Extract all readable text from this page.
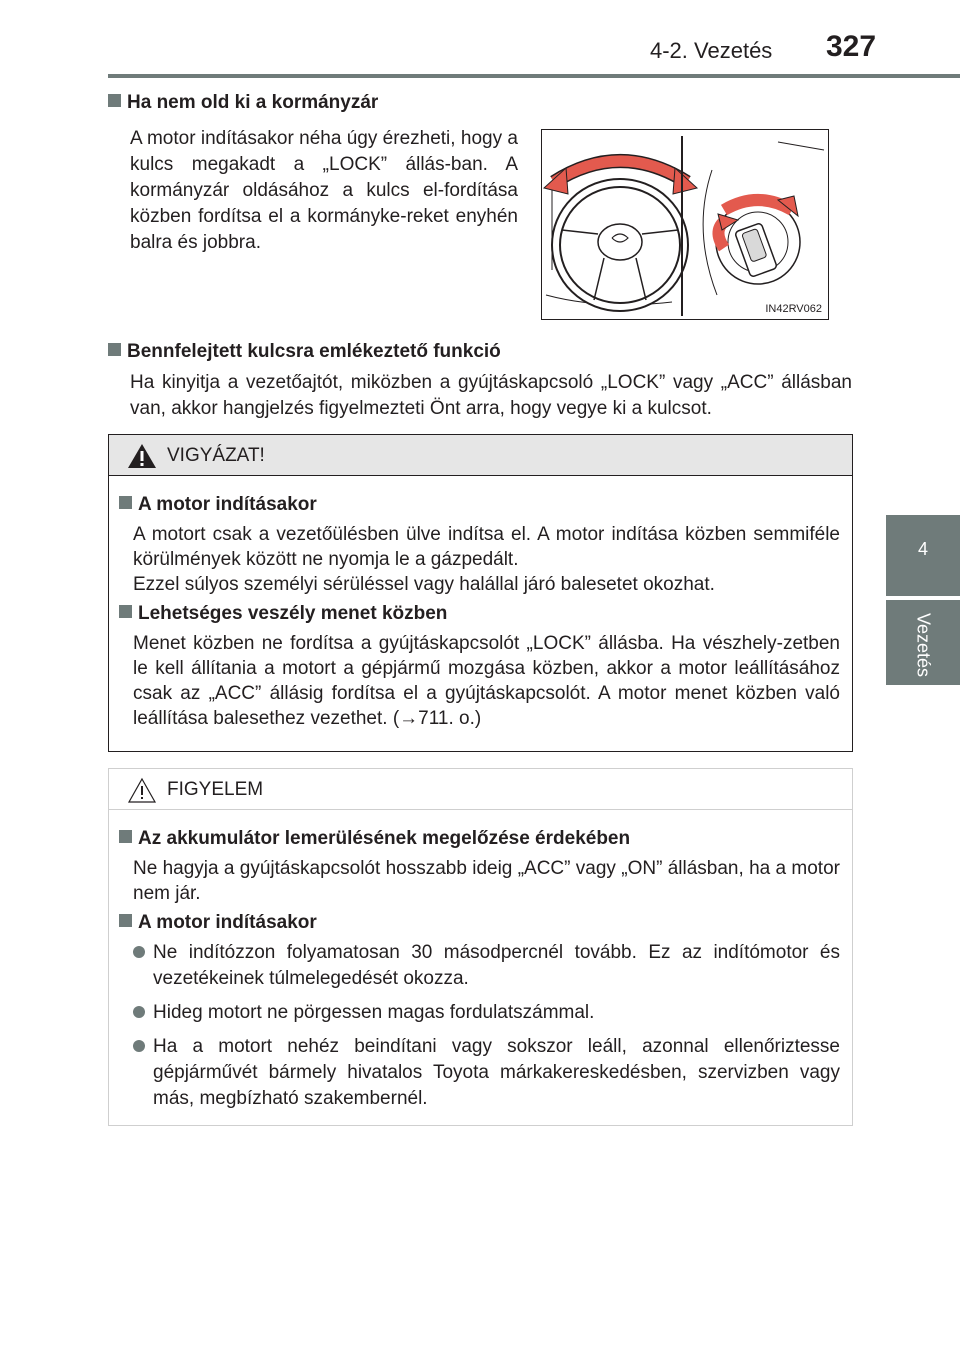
4-2. Vezetés 327
4
Vezetés
Ha nem old ki a kormányzár
A motor indításakor néha úgy érezheti, hogy a kulcs megakadt a „LOCK” állás-ban. A kormányzár oldásához a kulcs el-fordítása közben fordítsa el a kormányke-reket enyhén balra és jobbra.
IN42RV062
Bennfelejtett kulcsra emlékeztető funkció
Ha kinyitja a vezetőajtót, miközben a gyújtáskapcsoló „LOCK” vagy „ACC” állásban van, akkor hangjelzés figyelmezteti Önt arra, hogy vegye ki a kulcsot.
VIGYÁZAT!
A motor indításakor
A motort csak a vezetőülésben ülve indítsa el. A motor indítása közben semmiféle körülmények között ne nyomja le a gázpedált.
Ezzel súlyos személyi sérüléssel vagy halállal járó balesetet okozhat.
Lehetséges veszély menet közben
Menet közben ne fordítsa a gyújtáskapcsolót „LOCK” állásba. Ha vészhely-zetben le kell állítania a motort a gépjármű mozgása közben, akkor a motor leállításához csak az „ACC” állásig fordítsa el a gyújtáskapcsolót. A motor menet közben való leállítása balesethez vezethet. (→711. o.)
FIGYELEM
Az akkumulátor lemerülésének megelőzése érdekében
Ne hagyja a gyújtáskapcsolót hosszabb ideig „ACC” vagy „ON” állásban, ha a motor nem jár.
A motor indításakor
Ne indítózzon folyamatosan 30 másodpercnél tovább. Ez az indítómotor és vezetékeinek túlmelegedését okozza.
Hideg motort ne pörgessen magas fordulatszámmal.
Ha a motort nehéz beindítani vagy sokszor leáll, azonnal ellenőriztesse gépjárművét bármely hivatalos Toyota márkakereskedésben, szervizben vagy más, megbízható szakembernél.
